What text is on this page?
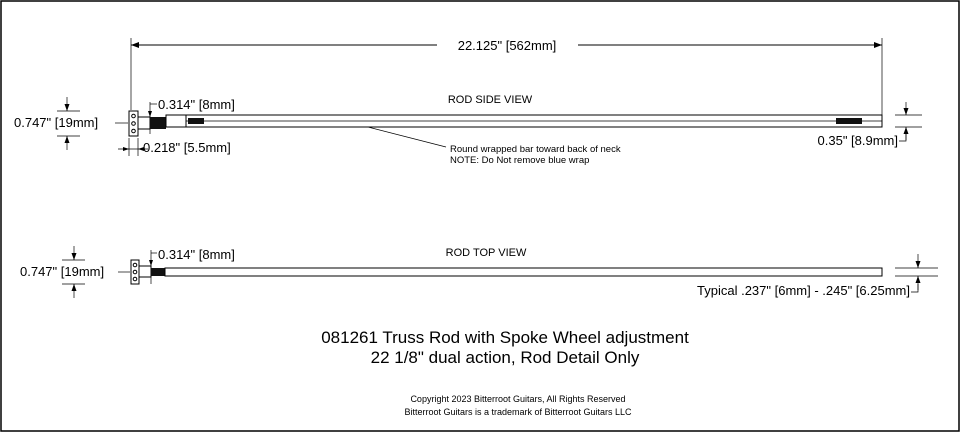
22.125" [562mm]
ROD SIDE VIEW
0.314" [8mm]
0.747" [19mm]
0.218" [5.5mm]	Round wrapped bar toward back of neck
NOTE: Do Not remove blue wrap
0.35" [8.9mm]
ROD TOP VIEW
0.314" [8mm]
0.747" [19mm]
Typical .237" [6mm] - .245" [6.25mm]
081261 Truss Rod with Spoke Wheel adjustment
22 1/8" dual action, Rod Detail Only
Copyright 2023 Bitterroot Guitars, All Rights Reserved
Bitterroot Guitars is a trademark of Bitterroot Guitars LLC
